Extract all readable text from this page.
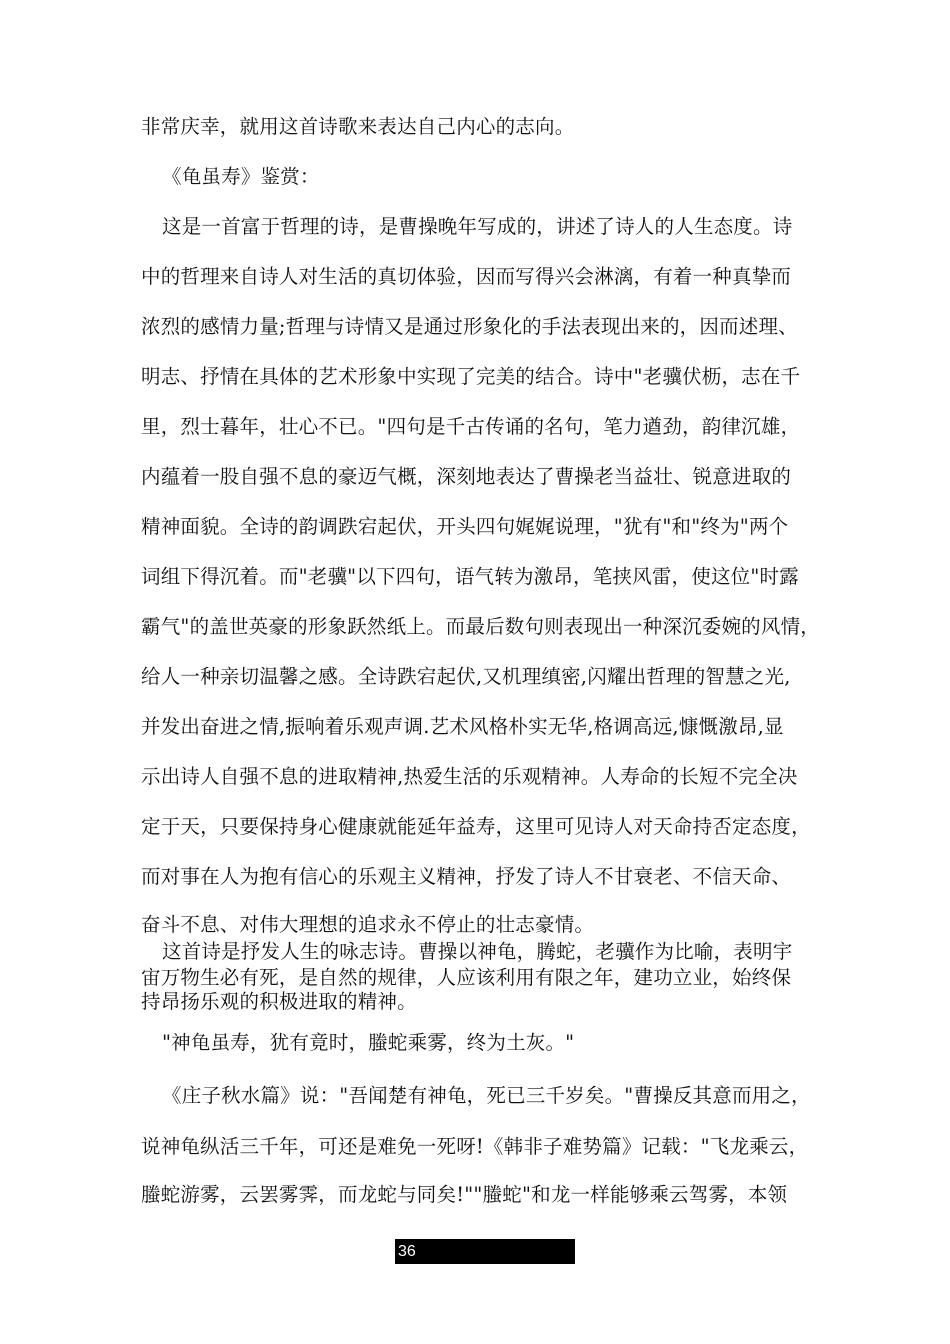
非常庆幸，就用这首诗歌来表达自己内心的志向。
《龟虽寿》鉴赏：
这是一首富于哲理的诗，是曹操晚年写成的，讲述了诗人的人生态度。诗
中的哲理来自诗人对生活的真切体验，因而写得兴会淋漓，有着一种真挚而
浓烈的感情力量;哲理与诗情又是通过形象化的手法表现出来的，因而述理、
明志、抒情在具体的艺术形象中实现了完美的结合。诗中"老骥伏枥，志在千
里，烈士暮年，壮心不已。"四句是千古传诵的名句，笔力遒劲，韵律沉雄，
内蕴着一股自强不息的豪迈气概，深刻地表达了曹操老当益壮、锐意进取的
精神面貌。全诗的韵调跌宕起伏，开头四句娓娓说理，"犹有"和"终为"两个
词组下得沉着。而"老骥"以下四句，语气转为激昂，笔挟风雷，使这位"时露
霸气"的盖世英豪的形象跃然纸上。而最后数句则表现出一种深沉委婉的风情，
给人一种亲切温馨之感。全诗跌宕起伏,又机理缜密,闪耀出哲理的智慧之光,
并发出奋进之情,振响着乐观声调.艺术风格朴实无华,格调高远,慷慨激昂,显
示出诗人自强不息的进取精神,热爱生活的乐观精神。人寿命的长短不完全决
定于天，只要保持身心健康就能延年益寿，这里可见诗人对天命持否定态度，
而对事在人为抱有信心的乐观主义精神，抒发了诗人不甘衰老、不信天命、
奋斗不息、对伟大理想的追求永不停止的壮志豪情。
这首诗是抒发人生的咏志诗。曹操以神龟，腾蛇，老骥作为比喻，表明宇
宙万物生必有死，是自然的规律，人应该利用有限之年，建功立业，始终保
持昂扬乐观的积极进取的精神。
"神龟虽寿，犹有竟时，螣蛇乘雾，终为土灰。"
《庄子秋水篇》说："吾闻楚有神龟，死已三千岁矣。"曹操反其意而用之，
说神龟纵活三千年，可还是难免一死呀!《韩非子难势篇》记载："飞龙乘云，
螣蛇游雾，云罢雾霁，而龙蛇与同矣!""螣蛇"和龙一样能够乘云驾雾，本领
36
